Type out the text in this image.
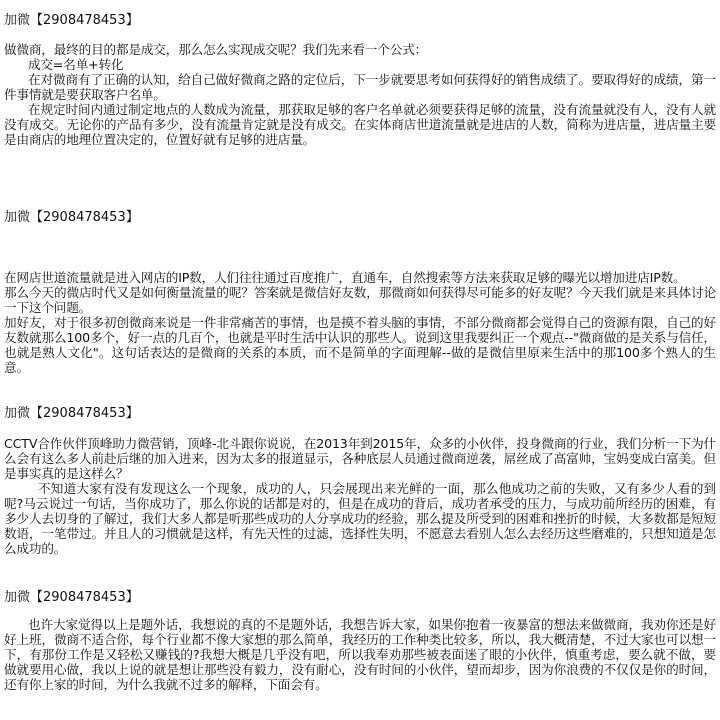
加微【2908478453】

做微商，最终的目的都是成交，那么怎么实现成交呢？我们先来看一个公式：

成交=名单+转化

在对微商有了正确的认知，给自己做好微商之路的定位后，下一步就要思考如何获得好的销售成绩了。要取得好的成绩，第一件事情就是要获取客户名单。

在规定时间内通过制定地点的人数成为流量，那获取足够的客户名单就必须要获得足够的流量，没有流量就没有人，没有人就没有成交。无论你的产品有多少，没有流量肯定就是没有成交。在实体商店世道流量就是进店的人数，简称为进店量，进店量主要是由商店的地理位置决定的，位置好就有足够的进店量。

加微【2908478453】

在网店世道流量就是进入网店的IP数，人们往往通过百度推广，直通车，自然搜索等方法来获取足够的曝光以增加进店IP数。

那么今天的微店时代又是如何衡量流量的呢？答案就是微信好友数，那微商如何获得尽可能多的好友呢？今天我们就是来具体讨论一下这个问题。

加好友，对于很多初创微商来说是一件非常痛苦的事情，也是摸不着头脑的事情，不部分微商都会觉得自己的资源有限，自己的好友数就那么100多个，好一点的几百个，也就是平时生活中认识的那些人。说到这里我要纠正一个观点--"微商做的是关系与信任，也就是熟人文化"。这句话表达的是微商的关系的本质，而不是简单的字面理解--做的是微信里原来生活中的那100多个熟人的生意。

加微【2908478453】

CCTV合作伙伴顶峰助力微营销，顶峰-北斗跟你说说，在2013年到2015年，众多的小伙伴，投身微商的行业，我们分析一下为什么会有这么多人前赴后继的加入进来，因为太多的报道显示，各种底层人员通过微商逆袭，屌丝成了高富帅，宝妈变成白富美。但是事实真的是这样么？

不知道大家有没有发现这么一个现象，成功的人，只会展现出来光鲜的一面，那么他成功之前的失败，又有多少人看的到呢?马云说过一句话，当你成功了，那么你说的话都是对的，但是在成功的背后，成功者承受的压力，与成功前所经历的困难，有多少人去切身的了解过，我们大多人都是听那些成功的人分享成功的经验，那么提及所受到的困难和挫折的时候，大多数都是短短数语，一笔带过。并且人的习惯就是这样，有先天性的过滤，选择性失明，不愿意去看别人怎么去经历这些磨难的，只想知道是怎么成功的。

加微【2908478453】

也许大家觉得以上是题外话，我想说的真的不是题外话，我想告诉大家，如果你抱着一夜暴富的想法来做微商，我劝你还是好好上班，微商不适合你，每个行业都不像大家想的那么简单，我经历的工作种类比较多，所以，我大概清楚，不过大家也可以想一下，有那份工作是又轻松又赚钱的?我想大概是几乎没有吧，所以我奉劝那些被表面迷了眼的小伙伴，慎重考虑，要么就不做，要做就要用心做，我以上说的就是想让那些没有毅力，没有耐心，没有时间的小伙伴，望而却步，因为你浪费的不仅仅是你的时间，还有你上家的时间，为什么我就不过多的解释，下面会有。
